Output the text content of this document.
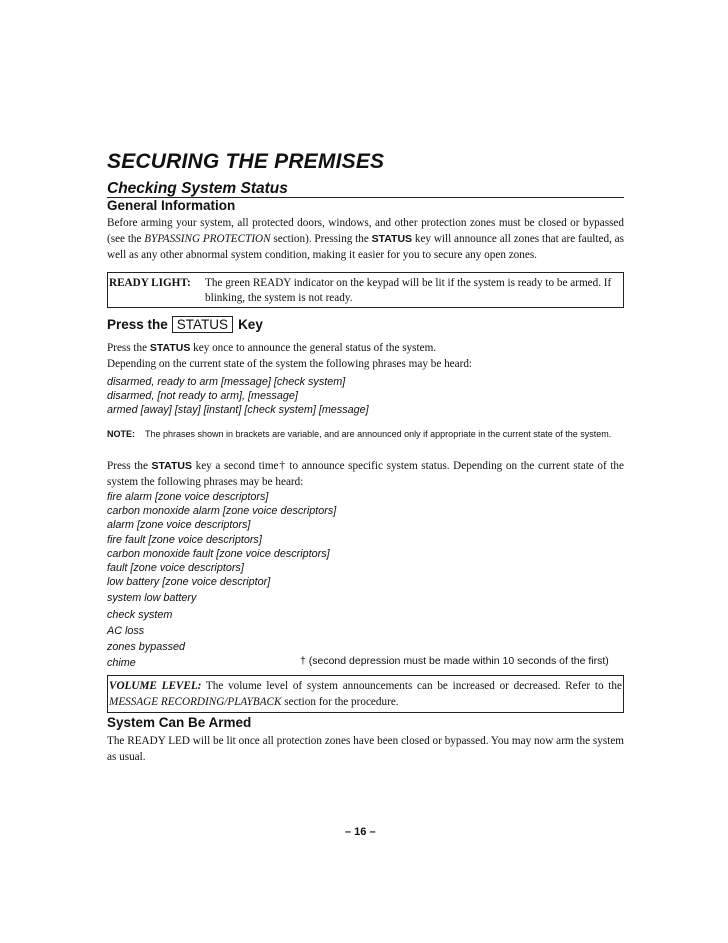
SECURING THE PREMISES
Checking System Status
General Information
Before arming your system, all protected doors, windows, and other protection zones must be closed or bypassed (see the BYPASSING PROTECTION section). Pressing the STATUS key will announce all zones that are faulted, as well as any other abnormal system condition, making it easier for you to secure any open zones.
READY LIGHT: The green READY indicator on the keypad will be lit if the system is ready to be armed. If blinking, the system is not ready.
Press the STATUS Key
Press the STATUS key once to announce the general status of the system.
Depending on the current state of the system the following phrases may be heard:
disarmed, ready to arm [message] [check system]
disarmed, [not ready to arm], [message]
armed [away] [stay] [instant] [check system] [message]
NOTE: The phrases shown in brackets are variable, and are announced only if appropriate in the current state of the system.
Press the STATUS key a second time† to announce specific system status. Depending on the current state of the system the following phrases may be heard:
fire alarm [zone voice descriptors]
carbon monoxide alarm [zone voice descriptors]
alarm [zone voice descriptors]
fire fault [zone voice descriptors]
carbon monoxide fault [zone voice descriptors]
fault [zone voice descriptors]
low battery [zone voice descriptor]
system low battery
check system
AC loss
zones bypassed
chime	† (second depression must be made within 10 seconds of the first)
VOLUME LEVEL: The volume level of system announcements can be increased or decreased. Refer to the MESSAGE RECORDING/PLAYBACK section for the procedure.
System Can Be Armed
The READY LED will be lit once all protection zones have been closed or bypassed. You may now arm the system as usual.
– 16 –
